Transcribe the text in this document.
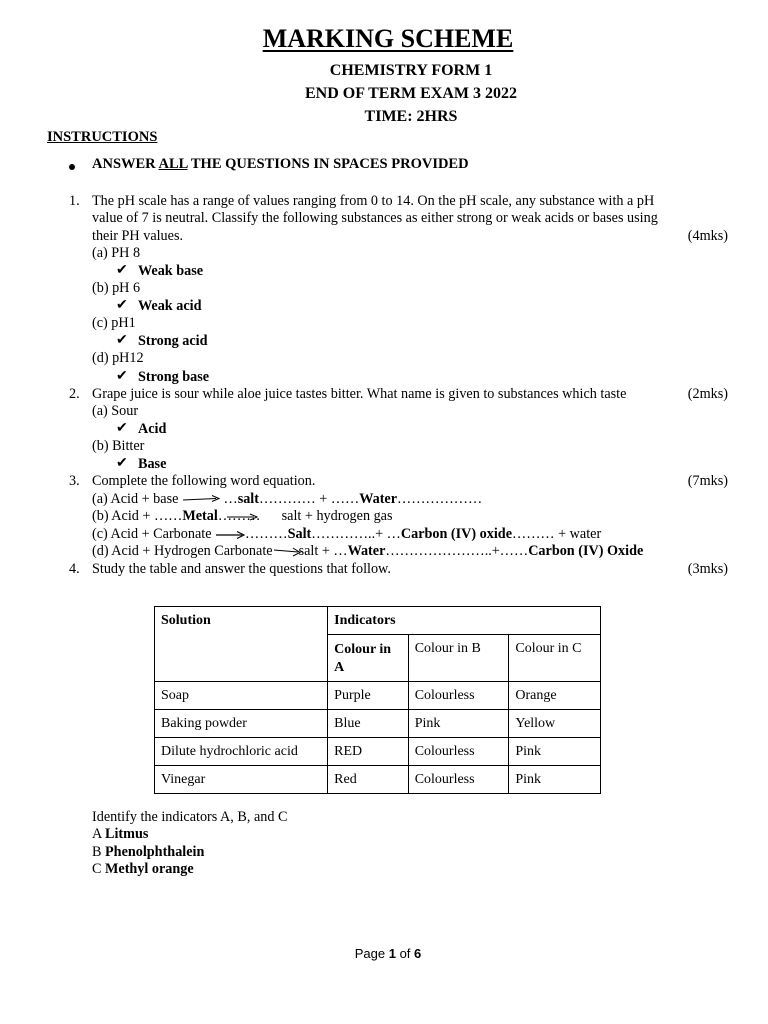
MARKING SCHEME
CHEMISTRY FORM 1
END OF TERM EXAM 3 2022
TIME: 2HRS
INSTRUCTIONS
ANSWER ALL THE QUESTIONS IN SPACES PROVIDED
1. The pH scale has a range of values ranging from 0 to 14. On the pH scale, any substance with a pH
value of 7 is neutral. Classify the following substances as either strong or weak acids or bases using
their PH values.	(4mks)
(a) PH 8
✔ Weak base
(b) pH 6
✔ Weak acid
(c) pH1
✔ Strong acid
(d) pH12
✔ Strong base
2. Grape juice is sour while aloe juice tastes bitter. What name is given to substances which taste	(2mks)
(a) Sour
✔ Acid
(b) Bitter
✔ Base
3. Complete the following word equation.	(7mks)
(a) Acid + base	…salt………… + ……Water………………
(b) Acid + ……Metal……… salt + hydrogen gas
(c) Acid + Carbonate ………Salt…………..+ …Carbon (IV) oxide……… + water
(d) Acid + Hydrogen Carbonate salt + …Water…………………..+……Carbon (IV) Oxide
4. Study the table and answer the questions that follow.	(3mks)
Solution	Indicators		
	Colour in A	Colour in B	Colour in C
Soap	Purple	Colourless	Orange
Baking powder	Blue	Pink	Yellow
Dilute hydrochloric acid	RED	Colourless	Pink
Vinegar	Red	Colourless	Pink
Identify the indicators A, B, and C
A Litmus
B Phenolphthalein
C Methyl orange
Page 1 of 6
